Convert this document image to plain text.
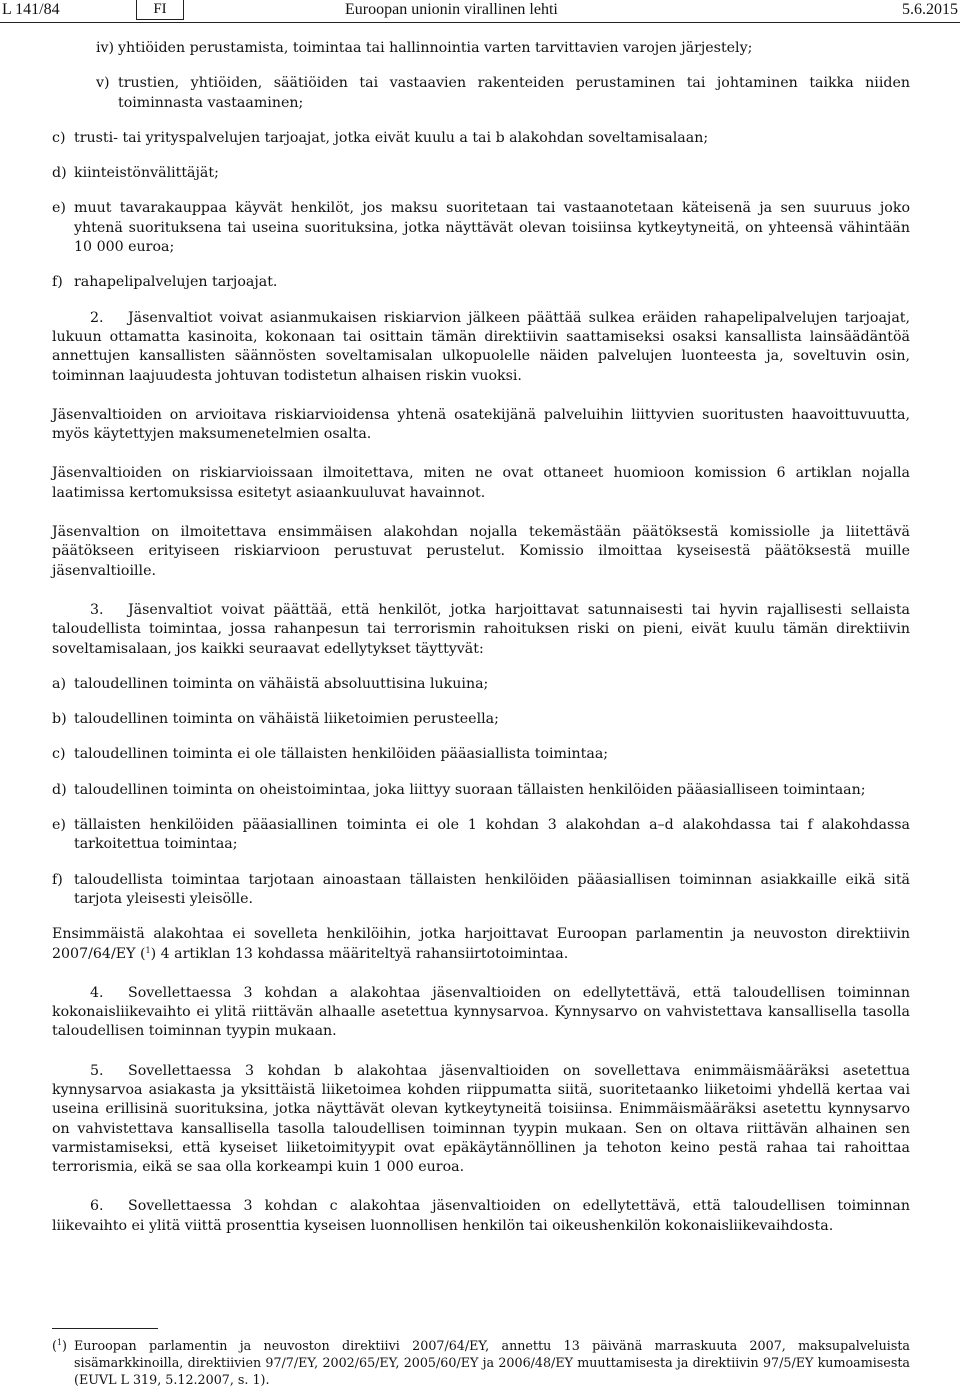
L 141/84	FI	Euroopan unionin virallinen lehti	5.6.2015
iv) yhtiöiden perustamista, toimintaa tai hallinnointia varten tarvittavien varojen järjestely;

v) trustien, yhtiöiden, säätiöiden tai vastaavien rakenteiden perustaminen tai johtaminen taikka niiden toiminnasta vastaaminen;

c) trusti- tai yrityspalvelujen tarjoajat, jotka eivät kuulu a tai b alakohdan soveltamisalaan;

d) kiinteistönvälittäjät;

e) muut tavarakauppaa käyvät henkilöt, jos maksu suoritetaan tai vastaanotetaan käteisenä ja sen suuruus joko yhtenä suorituksena tai useina suorituksina, jotka näyttävät olevan toisiinsa kytkeytyneitä, on yhteensä vähintään 10 000 euroa;

f) rahapelipalvelujen tarjoajat.

2. Jäsenvaltiot voivat asianmukaisen riskiarvion jälkeen päättää sulkea eräiden rahapelipalvelujen tarjoajat, lukuun ottamatta kasinoita, kokonaan tai osittain tämän direktiivin saattamiseksi osaksi kansallista lainsäädäntöä annettujen kansallisten säännösten soveltamisalan ulkopuolelle näiden palvelujen luonteesta ja, soveltuvin osin, toiminnan laajuudesta johtuvan todistetun alhaisen riskin vuoksi.

Jäsenvaltioiden on arvioitava riskiarvioidensa yhtenä osatekijänä palveluihin liittyvien suoritusten haavoittuvuutta, myös käytettyjen maksumenetelmien osalta.

Jäsenvaltioiden on riskiarvioissaan ilmoitettava, miten ne ovat ottaneet huomioon komission 6 artiklan nojalla laatimissa kertomuksissa esitetyt asiaankuuluvat havainnot.

Jäsenvaltion on ilmoitettava ensimmäisen alakohdan nojalla tekemästään päätöksestä komissiolle ja liitettävä päätökseen erityiseen riskiarvioon perustuvat perustelut. Komissio ilmoittaa kyseisestä päätöksestä muille jäsenvaltioille.

3. Jäsenvaltiot voivat päättää, että henkilöt, jotka harjoittavat satunnaisesti tai hyvin rajallisesti sellaista taloudellista toimintaa, jossa rahanpesun tai terrorismin rahoituksen riski on pieni, eivät kuulu tämän direktiivin soveltamisalaan, jos kaikki seuraavat edellytykset täyttyvät:

a) taloudellinen toiminta on vähäistä absoluuttisina lukuina;

b) taloudellinen toiminta on vähäistä liiketoimien perusteella;

c) taloudellinen toiminta ei ole tällaisten henkilöiden pääasiallista toimintaa;

d) taloudellinen toiminta on oheistoimintaa, joka liittyy suoraan tällaisten henkilöiden pääasialliseen toimintaan;

e) tällaisten henkilöiden pääasiallinen toiminta ei ole 1 kohdan 3 alakohdan a–d alakohdassa tai f alakohdassa tarkoitettua toimintaa;

f) taloudellista toimintaa tarjotaan ainoastaan tällaisten henkilöiden pääasiallisen toiminnan asiakkaille eikä sitä tarjota yleisesti yleisölle.

Ensimmäistä alakohtaa ei sovelleta henkilöihin, jotka harjoittavat Euroopan parlamentin ja neuvoston direktiivin 2007/64/EY ($^1$) 4 artiklan 13 kohdassa määriteltyä rahansiirtotoimintaa.

4. Sovellettaessa 3 kohdan a alakohtaa jäsenvaltioiden on edellytettävä, että taloudellisen toiminnan kokonaisliikevaihto ei ylitä riittävän alhaalle asetettua kynnysarvoa. Kynnysarvo on vahvistettava kansallisella tasolla taloudellisen toiminnan tyypin mukaan.

5. Sovellettaessa 3 kohdan b alakohtaa jäsenvaltioiden on sovellettava enimmäismääräksi asetettua kynnysarvoa asiakasta ja yksittäistä liiketoimea kohden riippumatta siitä, suoritetaanko liiketoimi yhdellä kertaa vai useina erillisinä suorituksina, jotka näyttävät olevan kytkeytyneitä toisiinsa. Enimmäismääräksi asetettu kynnysarvo on vahvistettava kansallisella tasolla taloudellisen toiminnan tyypin mukaan. Sen on oltava riittävän alhainen sen varmistamiseksi, että kyseiset liiketoimityypit ovat epäkäytännöllinen ja tehoton keino pestä rahaa tai rahoittaa terrorismia, eikä se saa olla korkeampi kuin 1 000 euroa.

6. Sovellettaessa 3 kohdan c alakohtaa jäsenvaltioiden on edellytettävä, että taloudellisen toiminnan liikevaihto ei ylitä viittä prosenttia kyseisen luonnollisen henkilön tai oikeushenkilön kokonaisliikevaihdosta.

($^1$) Euroopan parlamentin ja neuvoston direktiivi 2007/64/EY, annettu 13 päivänä marraskuuta 2007, maksupalveluista sisämarkkinoilla, direktiivien 97/7/EY, 2002/65/EY, 2005/60/EY ja 2006/48/EY muuttamisesta ja direktiivin 97/5/EY kumoamisesta (EUVL L 319, 5.12.2007, s. 1).
